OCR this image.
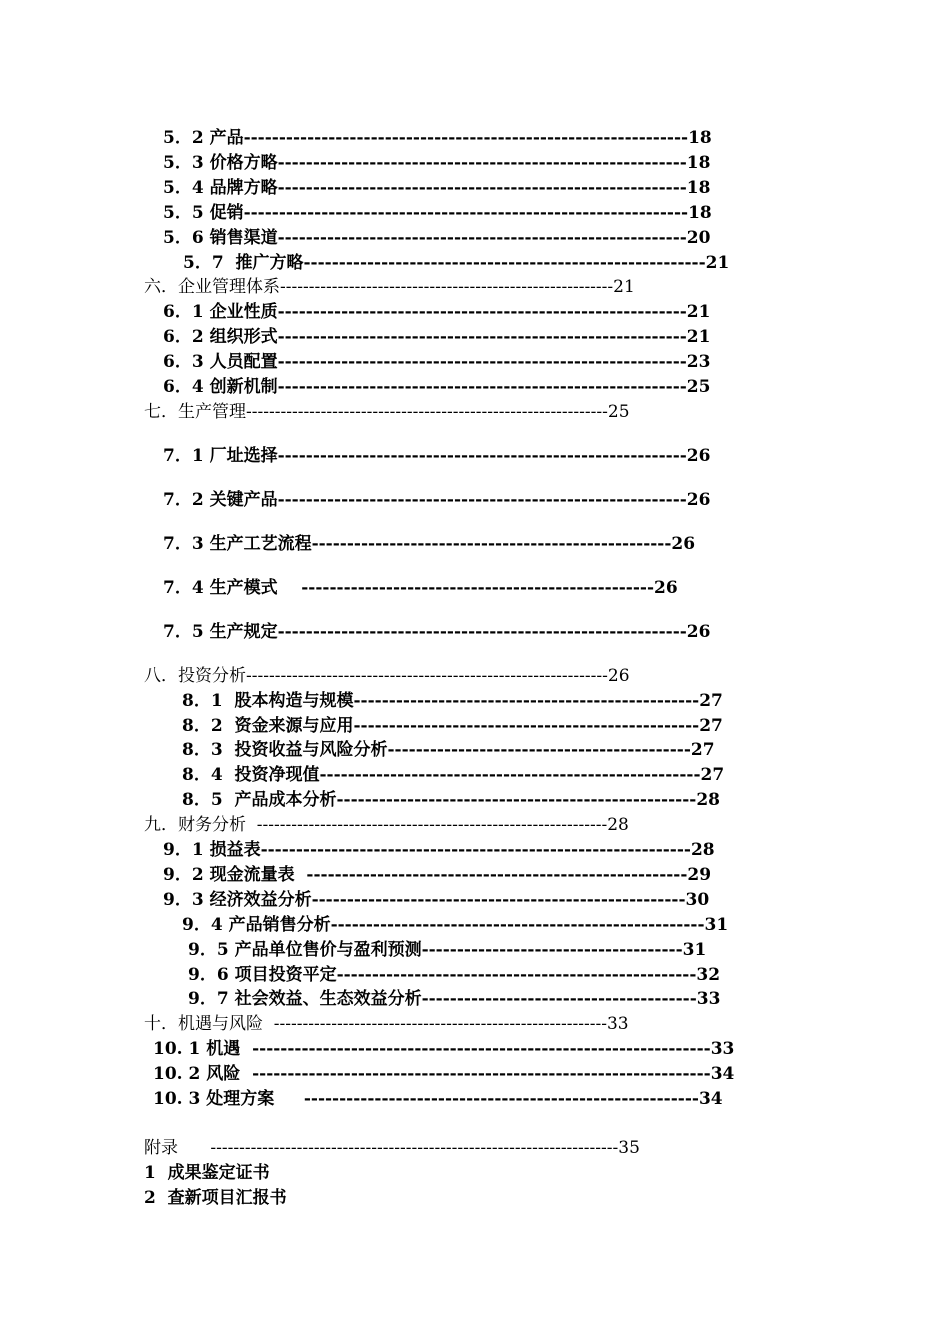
5．2 产品---------------------------------------------------------------18
5．3 价格方略----------------------------------------------------------18
5．4 品牌方略----------------------------------------------------------18
5．5 促销---------------------------------------------------------------18
5．6 销售渠道----------------------------------------------------------20
5．7  推广方略---------------------------------------------------------21
六．企业管理体系----------------------------------------------------------21
6．1 企业性质----------------------------------------------------------21
6．2 组织形式----------------------------------------------------------21
6．3 人员配置----------------------------------------------------------23
6．4 创新机制----------------------------------------------------------25
七．生产管理---------------------------------------------------------------25
7．1 厂址选择----------------------------------------------------------26
7．2 关键产品----------------------------------------------------------26
7．3 生产工艺流程---------------------------------------------------26
7．4 生产模式    --------------------------------------------------26
7．5 生产规定----------------------------------------------------------26
八．投资分析---------------------------------------------------------------26
8．1  股本构造与规模-------------------------------------------------27
8．2  资金来源与应用-------------------------------------------------27
8．3  投资收益与风险分析-------------------------------------------27
8．4  投资净现值------------------------------------------------------27
8．5  产品成本分析---------------------------------------------------28
九．财务分析  -------------------------------------------------------------28
9．1 损益表-------------------------------------------------------------28
9．2 现金流量表  ------------------------------------------------------29
9．3 经济效益分析-----------------------------------------------------30
9．4 产品销售分析-----------------------------------------------------31
9．5 产品单位售价与盈利预测-------------------------------------31
9．6 项目投资平定---------------------------------------------------32
9．7 社会效益、生态效益分析---------------------------------------33
十．机遇与风险  ----------------------------------------------------------33
10. 1 机遇  -----------------------------------------------------------------33
10. 2 风险  -----------------------------------------------------------------34
10. 3 处理方案     --------------------------------------------------------34
附录      -----------------------------------------------------------------------35
1  成果鉴定证书
2  查新项目汇报书
